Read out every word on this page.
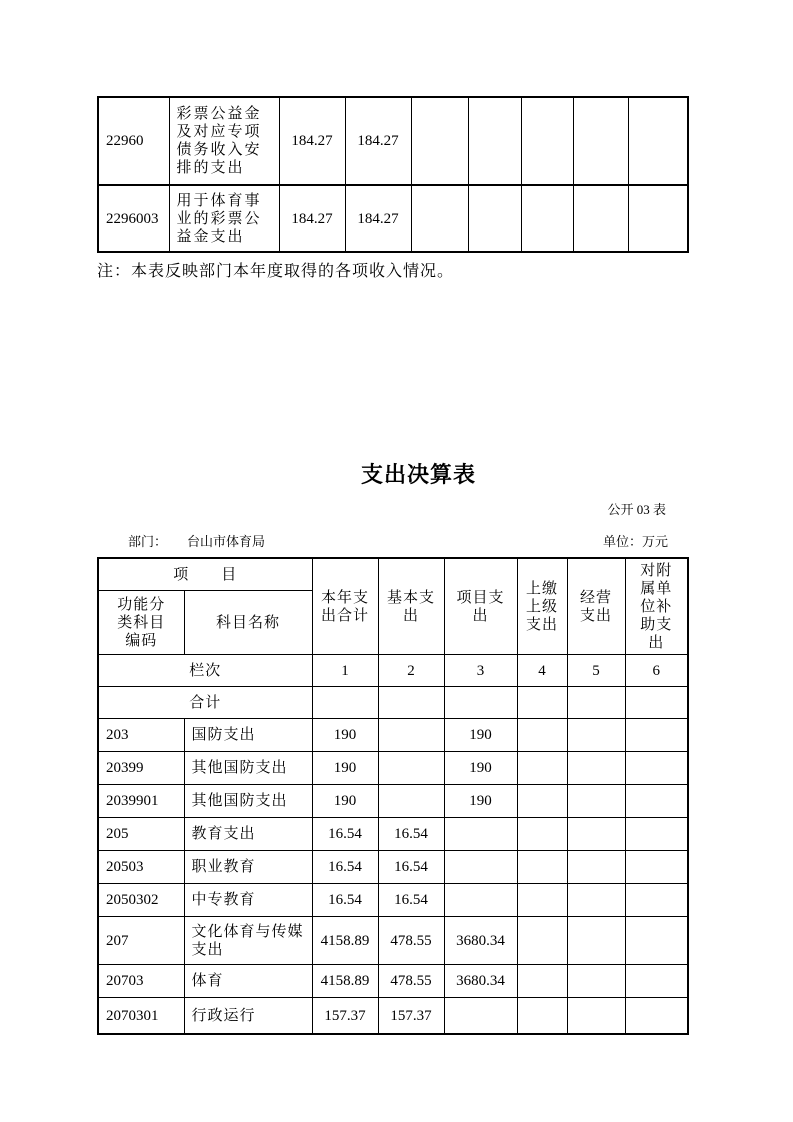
22960	彩票公益金及对应专项债务收入安排的支出	184.27	184.27					
2296003	用于体育事业的彩票公益金支出	184.27	184.27					
注：本表反映部门本年度取得的各项收入情况。
支出决算表
公开 03 表
部门： 台山市体育局	单位：万元
项　　目		本年支出合计	基本支出	项目支出	上缴上级支出	经营支出	对附属单位补助支出
功能分类科目编码	科目名称						
栏次		1	2	3	4	5	6
合计							
203	国防支出	190		190			
20399	其他国防支出	190		190			
2039901	其他国防支出	190		190			
205	教育支出	16.54	16.54				
20503	职业教育	16.54	16.54				
2050302	中专教育	16.54	16.54				
207	文化体育与传媒支出	4158.89	478.55	3680.34			
20703	体育	4158.89	478.55	3680.34			
2070301	行政运行	157.37	157.37				
